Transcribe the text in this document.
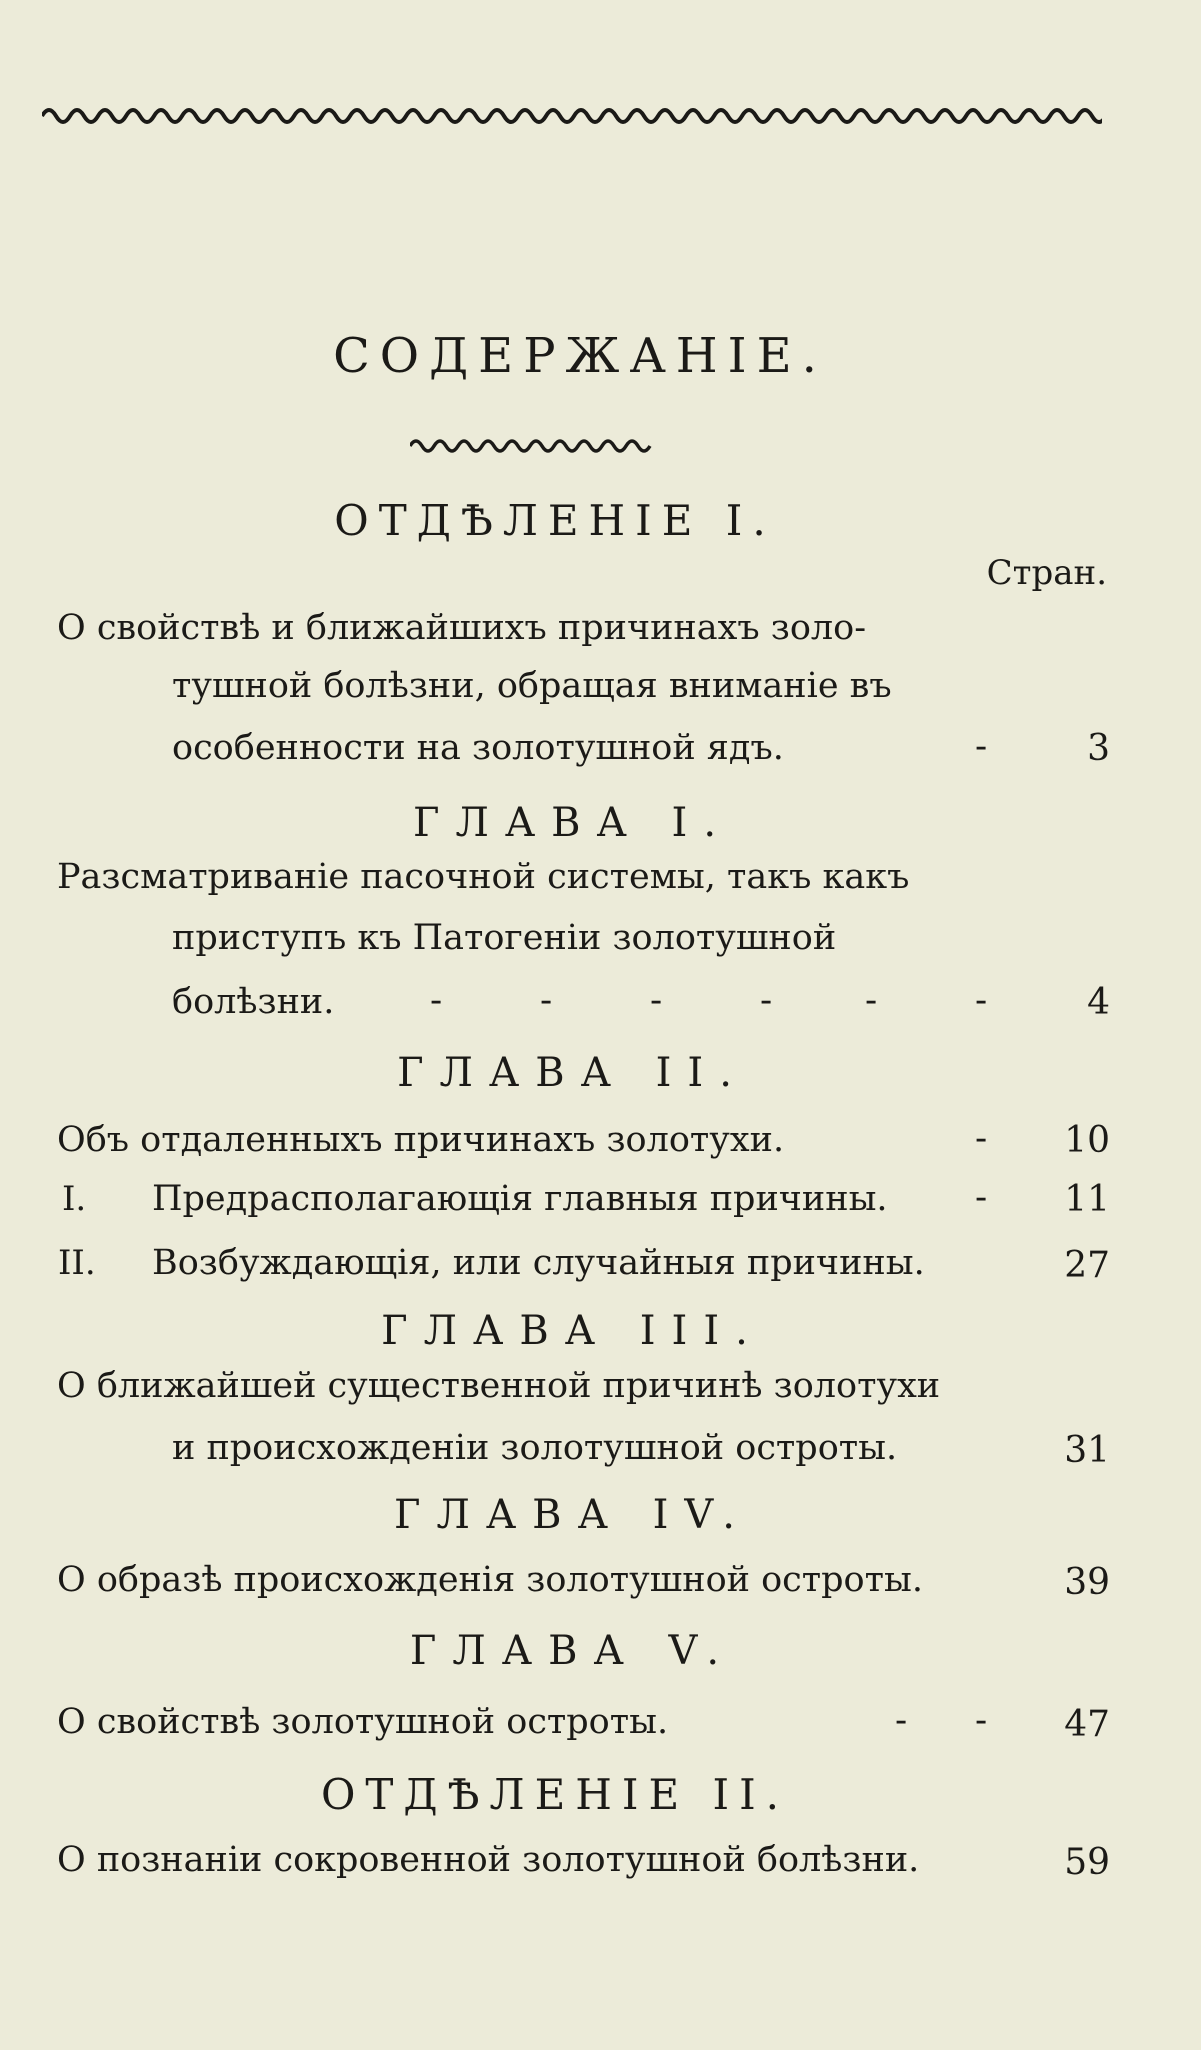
СОДЕРЖАНІЕ.
ОТДѢЛЕНІЕ I.
Стран.
О свойствѣ и ближайшихъ причинахъ золо-
тушной болѣзни, обращая вниманіе въ
особенности на золотушной ядъ.	-	3
ГЛАВА I.
Разсматриваніе пасочной системы, такъ какъ
приступъ къ Патогеніи золотушной
болѣзни.	-	-	-	-	-	-	4
ГЛАВА II.
Объ отдаленныхъ причинахъ золотухи.	-	10
I. Предрасполагающія главныя причины. -	11
II. Возбуждающія, или случайныя причины.	27
ГЛАВА III.
О ближайшей существенной причинѣ золотухи
и происхожденіи золотушной остроты.	31
ГЛАВА IV.
О образѣ происхожденія золотушной остроты.	39
ГЛАВА V.
О свойствѣ золотушной остроты.	- -	47
ОТДѢЛЕНІЕ II.
О познаніи сокровенной золотушной болѣзни.	59
